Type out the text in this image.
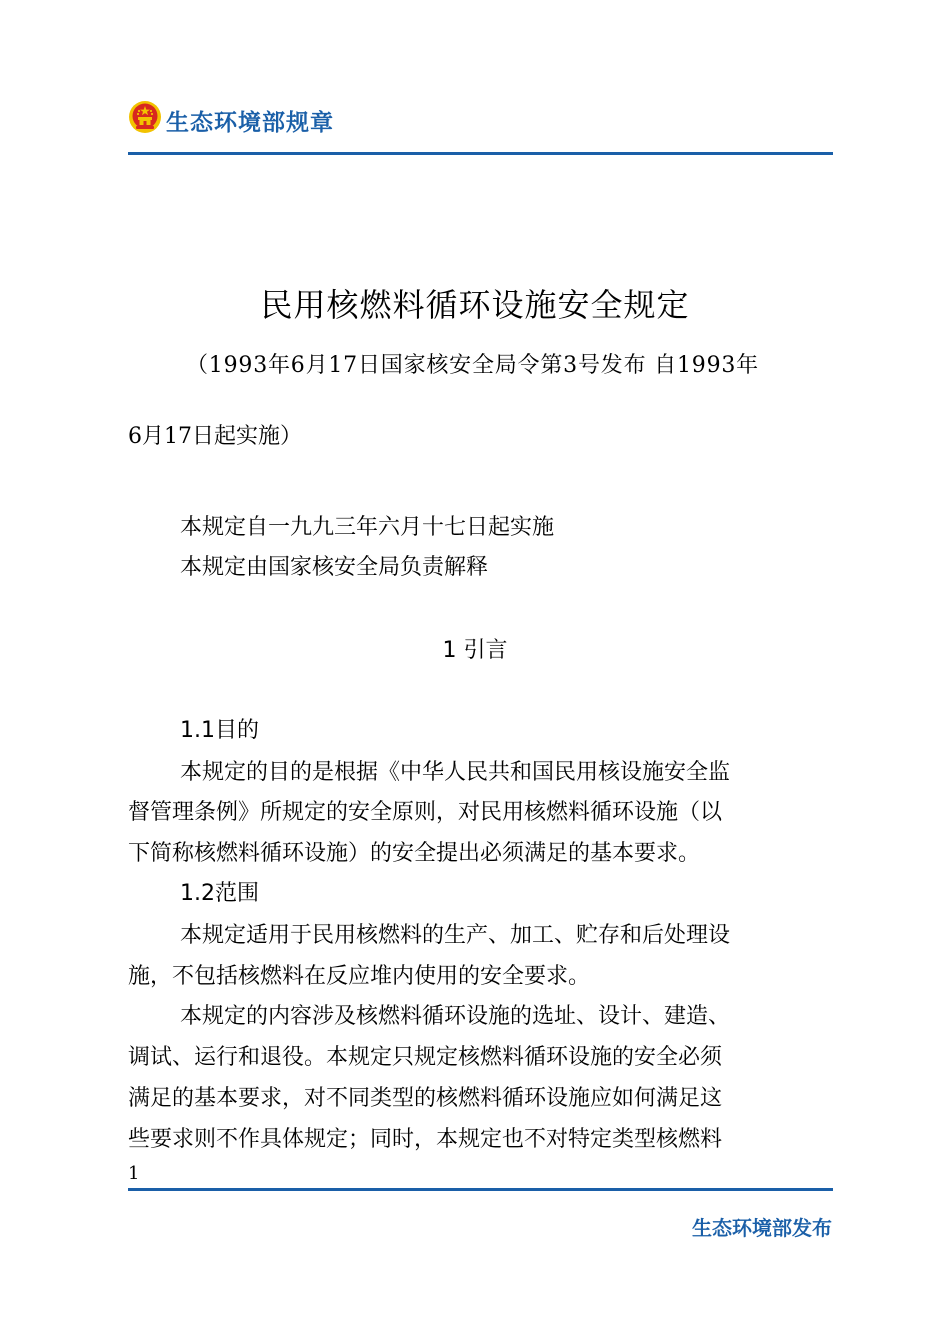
生态环境部规章
民用核燃料循环设施安全规定
（1993年6月17日国家核安全局令第3号发布 自1993年
6月17日起实施）
本规定自一九九三年六月十七日起实施
本规定由国家核安全局负责解释
1 引言
1.1目的
本规定的目的是根据《中华人民共和国民用核设施安全监
督管理条例》所规定的安全原则，对民用核燃料循环设施（以
下简称核燃料循环设施）的安全提出必须满足的基本要求。
1.2范围
本规定适用于民用核燃料的生产、加工、贮存和后处理设
施，不包括核燃料在反应堆内使用的安全要求。
本规定的内容涉及核燃料循环设施的选址、设计、建造、
调试、运行和退役。本规定只规定核燃料循环设施的安全必须
满足的基本要求，对不同类型的核燃料循环设施应如何满足这
些要求则不作具体规定；同时，本规定也不对特定类型核燃料
1
生态环境部发布
